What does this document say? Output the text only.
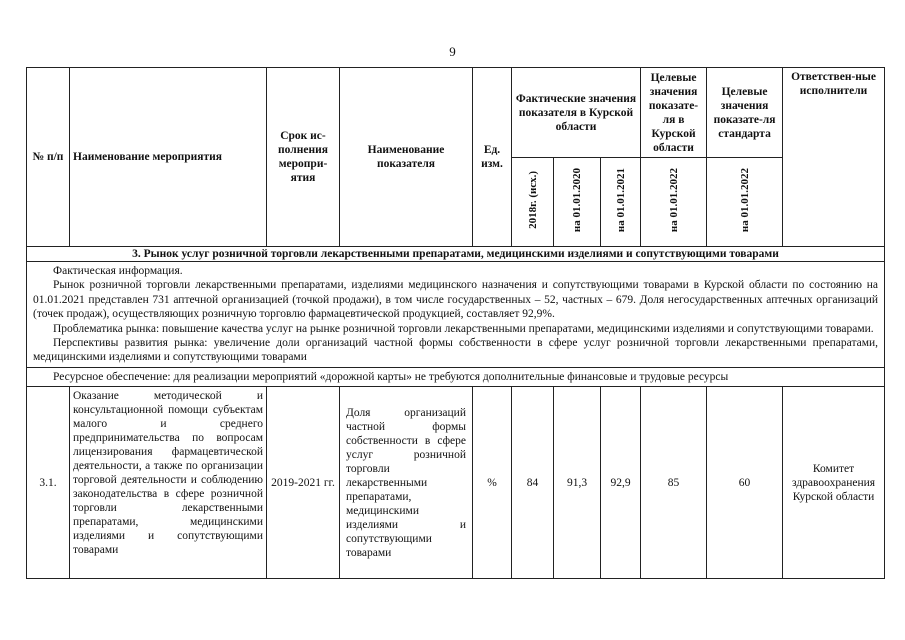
9
№ п/п	Наименование мероприятия	Срок ис-полнения меропри-ятия	Наименование показателя	Ед. изм.	Фактические значения показателя в Курской области			Целевые значения показате-ля в Курской области	Целевые значения показате-ля стандарта	Ответствен-ные исполнители
					2018г. (исх.)	на 01.01.2020	на 01.01.2021	на 01.01.2022	на 01.01.2022	
3. Рынок услуг розничной торговли лекарственными препаратами, медицинскими изделиями и сопутствующими товарами										

Фактическая информация.

Рынок розничной торговли лекарственными препаратами, изделиями медицинского назначения и сопутствующими товарами в Курской области по состоянию на 01.01.2021 представлен 731 аптечной организацией (точкой продажи), в том числе государственных – 52, частных – 679. Доля негосударственных аптечных организаций (точек продаж), осуществляющих розничную торговлю фармацевтической продукцией, составляет 92,9%.

Проблематика рынка: повышение качества услуг на рынке розничной торговли лекарственными препаратами, медицинскими изделиями и сопутствующими товарами.

Перспективы развития рынка: увеличение доли организаций частной формы собственности в сфере услуг розничной торговли лекарственными препаратами, медицинскими изделиями и сопутствующими товарами										

Ресурсное обеспечение: для реализации мероприятий «дорожной карты» не требуются дополнительные финансовые и трудовые ресурсы										

3.1.	Оказание методической и консультационной помощи субъектам малого и среднего предпринимательства по вопросам лицензирования фармацевтической деятельности, а также по организации торговой деятельности и соблюдению законодательства в сфере розничной торговли лекарственными препаратами, медицинскими изделиями и сопутствующими товарами	2019-2021 гг.	Доля организаций частной формы собственности в сфере услуг розничной торговли лекарственными препаратами, медицинскими изделиями и сопутствующими товарами	%	84	91,3	92,9	85	60	Комитет здравоохранения Курской области
